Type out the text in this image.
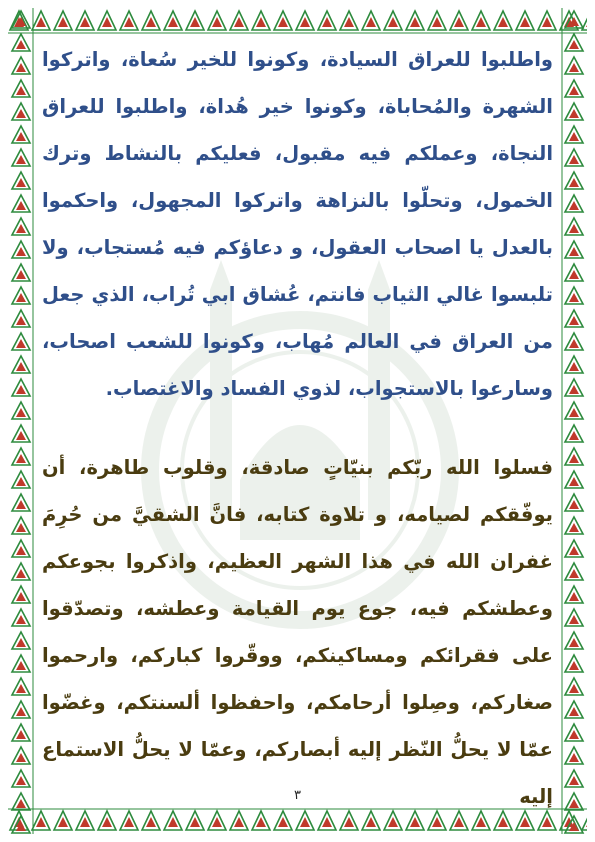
واطلبوا للعراق السيادة، وكونوا للخير سُعاة، واتركوا الشهرة والمُحاباة، وكونوا خير هُداة، واطلبوا للعراق النجاة، وعملكم فيه مقبول، فعليكم بالنشاط وترك الخمول، وتحلّوا بالنزاهة واتركوا المجهول، واحكموا بالعدل يا اصحاب العقول، و دعاؤكم فيه مُستجاب، ولا تلبسوا غالي الثياب فانتم، عُشاق ابي تُراب، الذي جعل من العراق في العالم مُهاب، وكونوا للشعب اصحاب، وسارعوا بالاستجواب، لذوي الفساد والاغتصاب.

فسلوا الله ربّكم بنيّاتٍ صادقة، وقلوب طاهرة، أن يوفّقكم لصيامه، و تلاوة كتابه، فانَّ الشقيَّ من حُرِمَ غفران الله في هذا الشهر العظيم، واذكروا بجوعكم وعطشكم فيه، جوع يوم القيامة وعطشه، وتصدّقوا على فقرائكم ومساكينكم، ووقّروا كباركم، وارحموا صغاركم، وصِلوا أرحامكم، واحفظوا ألسنتكم، وغضّوا عمّا لا يحلُّ النّظر إليه أبصاركم، وعمّا لا يحلُّ الاستماع إليه

٣
